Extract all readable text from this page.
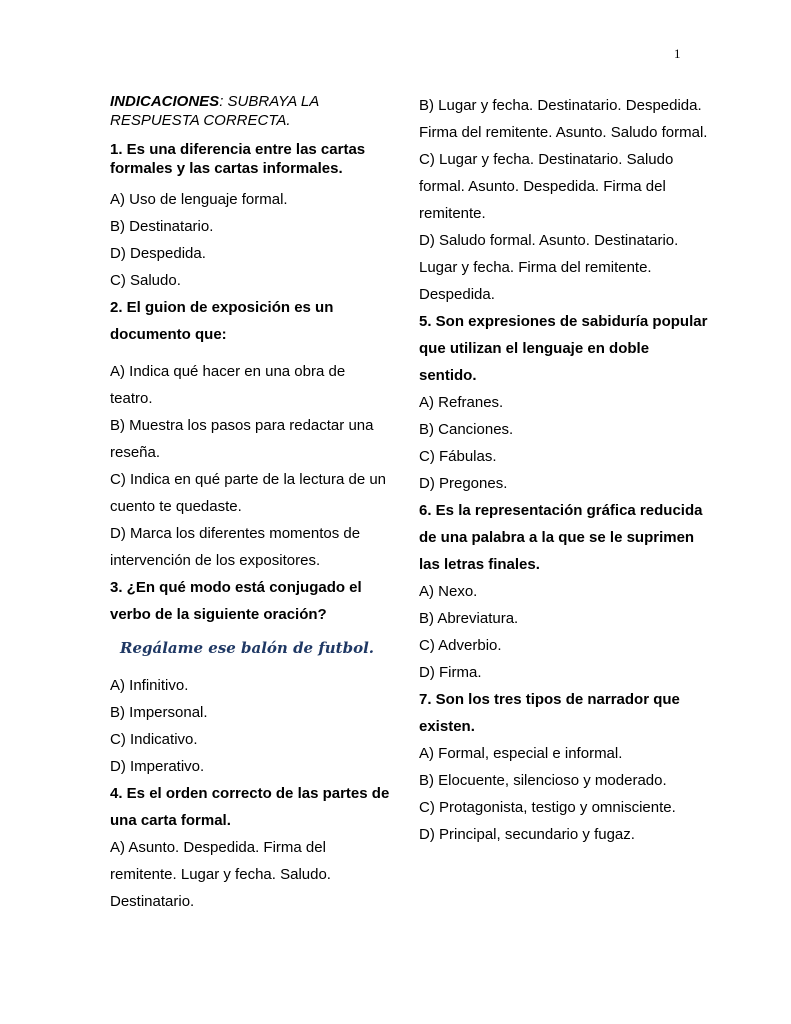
1
INDICACIONES: SUBRAYA LA RESPUESTA CORRECTA.
1. Es una diferencia entre las cartas formales y las cartas informales.
A) Uso de lenguaje formal.
B) Destinatario.
D) Despedida.
C) Saludo.
2. El guion de exposición es un documento que:
A) Indica qué hacer en una obra de teatro.
B) Muestra los pasos para redactar una reseña.
C) Indica en qué parte de la lectura de un cuento te quedaste.
D) Marca los diferentes momentos de intervención de los expositores.
3. ¿En qué modo está conjugado el verbo de la siguiente oración?
Regálame ese balón de futbol.
A) Infinitivo.
B) Impersonal.
C) Indicativo.
D) Imperativo.
4. Es el orden correcto de las partes de una carta formal.
A) Asunto. Despedida. Firma del remitente. Lugar y fecha. Saludo. Destinatario.
B) Lugar y fecha. Destinatario. Despedida. Firma del remitente. Asunto. Saludo formal.
C) Lugar y fecha. Destinatario. Saludo formal. Asunto. Despedida. Firma del remitente.
D) Saludo formal. Asunto. Destinatario. Lugar y fecha. Firma del remitente. Despedida.
5. Son expresiones de sabiduría popular que utilizan el lenguaje en doble sentido.
A) Refranes.
B) Canciones.
C) Fábulas.
D) Pregones.
6. Es la representación gráfica reducida de una palabra a la que se le suprimen las letras finales.
A) Nexo.
B) Abreviatura.
C) Adverbio.
D) Firma.
7. Son los tres tipos de narrador que existen.
A) Formal, especial e informal.
B) Elocuente, silencioso y moderado.
C) Protagonista, testigo y omnisciente.
D) Principal, secundario y fugaz.
